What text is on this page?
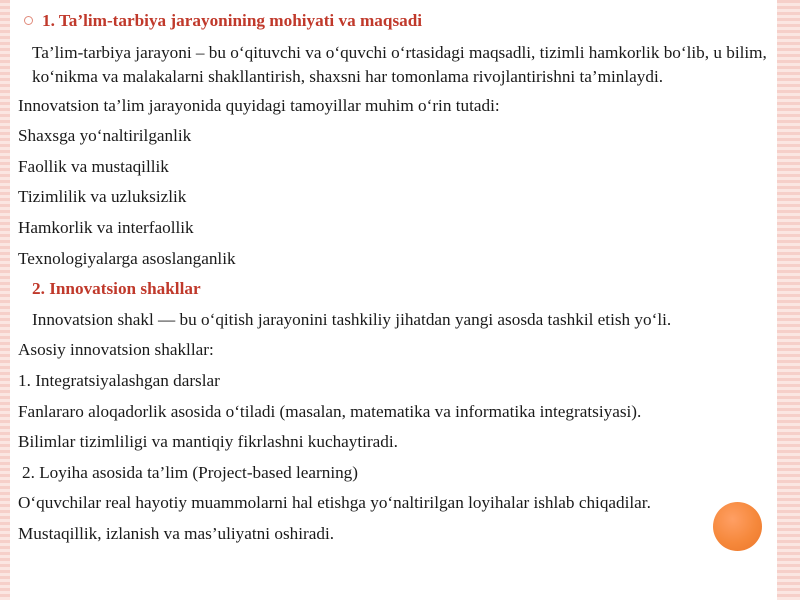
1. Ta’lim-tarbiya jarayonining mohiyati va maqsadi

Ta’lim-tarbiya jarayoni – bu o‘qituvchi va o‘quvchi o‘rtasidagi maqsadli, tizimli hamkorlik bo‘lib, u bilim, ko‘nikma va malakalarni shakllantirish, shaxsni har tomonlama rivojlantirishni ta’minlaydi.

Innovatsion ta’lim jarayonida quyidagi tamoyillar muhim o‘rin tutadi:

Shaxsga yo‘naltirilganlik

Faollik va mustaqillik

Tizimlilik va uzluksizlik

Hamkorlik va interfaollik

Texnologiyalarga asoslanganlik

2. Innovatsion shakllar

Innovatsion shakl — bu o‘qitish jarayonini tashkiliy jihatdan yangi asosda tashkil etish yo‘li.

Asosiy innovatsion shakllar:

1. Integratsiyalashgan darslar

Fanlararo aloqadorlik asosida o‘tiladi (masalan, matematika va informatika integratsiyasi).

Bilimlar tizimliligi va mantiqiy fikrlashni kuchaytiradi.

2. Loyiha asosida ta’lim (Project-based learning)

O‘quvchilar real hayotiy muammolarni hal etishga yo‘naltirilgan loyihalar ishlab chiqadilar.

Mustaqillik, izlanish va mas’uliyatni oshiradi.
